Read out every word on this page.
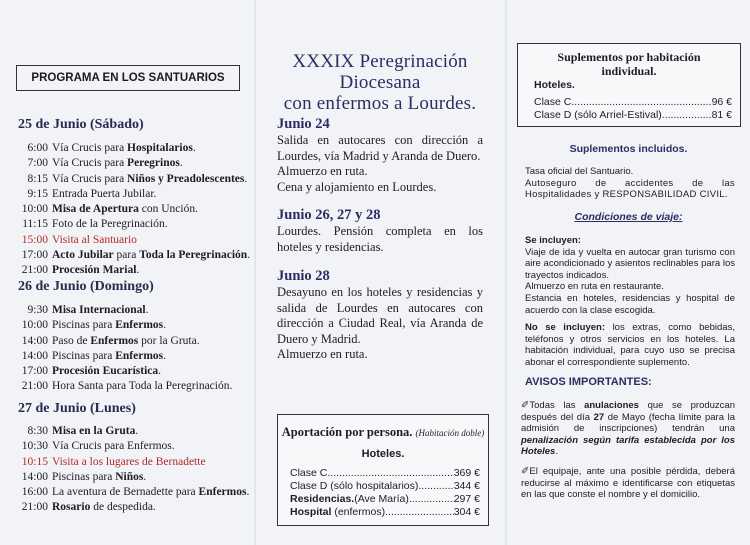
PROGRAMA EN LOS SANTUARIOS
25 de Junio (Sábado)
6:00 Vía Crucis para Hospitalarios.
7:00 Vía Crucis para Peregrinos.
8:15 Vía Crucis para Niños y Preadolescentes.
9:15 Entrada Puerta Jubilar.
10:00 Misa de Apertura con Unción.
11:15 Foto de la Peregrinación.
15:00 Visita al Santuario
17:00 Acto Jubilar para Toda la Peregrinación.
21:00 Procesión Marial.
26 de Junio (Domingo)
9:30 Misa Internacional.
10:00 Piscinas para Enfermos.
14:00 Paso de Enfermos por la Gruta.
14:00 Piscinas para Enfermos.
17:00 Procesión Eucarística.
21:00 Hora Santa para Toda la Peregrinación.
27 de Junio (Lunes)
8:30 Misa en la Gruta.
10:30 Vía Crucis para Enfermos.
10:15 Visita a los lugares de Bernadette
14:00 Piscinas para Niños.
16:00 La aventura de Bernadette para Enfermos.
21:00 Rosario de despedida.
XXXIX Peregrinación Diocesana
con enfermos a Lourdes.
Junio 24
Salida en autocares con dirección a Lourdes, vía Madrid y Aranda de Duero.
Almuerzo en ruta.
Cena y alojamiento en Lourdes.
Junio 26, 27 y 28
Lourdes. Pensión completa en los hoteles y residencias.
Junio 28
Desayuno en los hoteles y residencias y salida de Lourdes en autocares con dirección a Ciudad Real, vía Aranda de Duero y Madrid.
Almuerzo en ruta.
Aportación por persona. (Habitación doble)
Hoteles.
Clase C .....	369 €
Clase D (sólo hospitalarios) .....	344 €
Residencias.(Ave María) .....	297 €
Hospital (enfermos) .....	304 €
Suplementos por habitación individual.
Hoteles.
Clase C .....	96 €
Clase D (sólo Arriel-Estival) .....	81 €
Suplementos incluidos.
Tasa oficial del Santuario.
Autoseguro de accidentes de las Hospitalidades y RESPONSABILIDAD CIVIL.
Condiciones de viaje:
Se incluyen:
Viaje de ida y vuelta en autocar gran turismo con aire acondicionado y asientos reclinables para los trayectos indicados.
Almuerzo en ruta en restaurante.
Estancia en hoteles, residencias y hospital de acuerdo con la clase escogida.
No se incluyen: los extras, como bebidas, teléfonos y otros servicios en los hoteles. La habitación individual, para cuyo uso se precisa abonar el correspondiente suplemento.
AVISOS IMPORTANTES:
✐Todas las anulaciones que se produzcan después del día 27 de Mayo (fecha límite para la admisión de inscripciones) tendrán una penalización según tarifa establecida por los Hoteles.
✐El equipaje, ante una posible pérdida, deberá reducirse al máximo e identificarse con etiquetas en las que conste el nombre y el domicilio.
